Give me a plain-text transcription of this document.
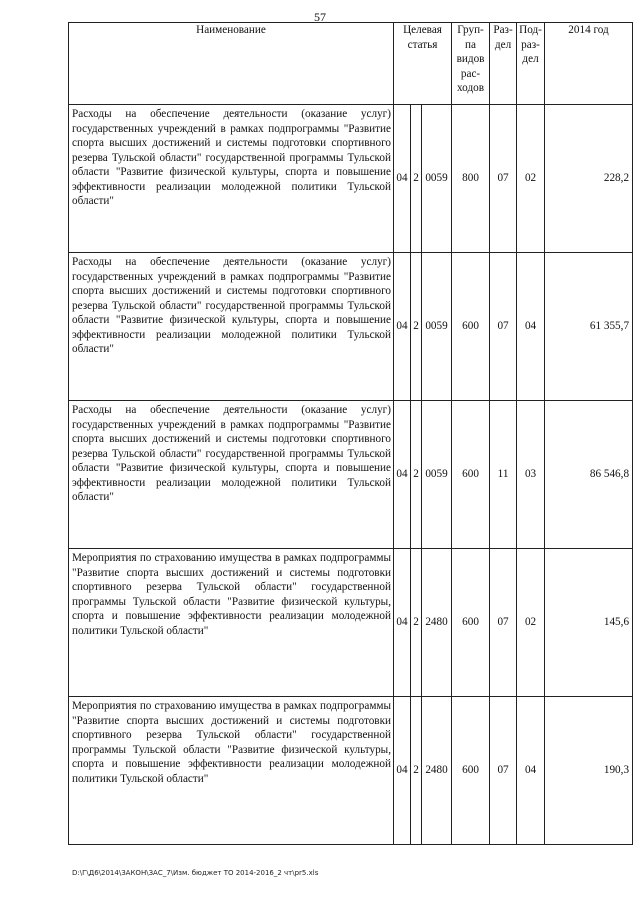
57
Наименование	Целевая статья			Груп-па видов рас-ходов	Раз-дел	Под-раз-дел	2014 год
Расходы на обеспечение деятельности (оказание услуг) государственных учреждений в рамках подпрограммы "Развитие спорта высших достижений и системы подготовки спортивного резерва Тульской области" государственной программы Тульской области "Развитие физической культуры, спорта и повышение эффективности реализации молодежной политики Тульской области"	04	2	0059	800	07	02	228,2
Расходы на обеспечение деятельности (оказание услуг) государственных учреждений в рамках подпрограммы "Развитие спорта высших достижений и системы подготовки спортивного резерва Тульской области" государственной программы Тульской области "Развитие физической культуры, спорта и повышение эффективности реализации молодежной политики Тульской области"	04	2	0059	600	07	04	61 355,7
Расходы на обеспечение деятельности (оказание услуг) государственных учреждений в рамках подпрограммы "Развитие спорта высших достижений и системы подготовки спортивного резерва Тульской области" государственной программы Тульской области "Развитие физической культуры, спорта и повышение эффективности реализации молодежной политики Тульской области"	04	2	0059	600	11	03	86 546,8
Мероприятия по страхованию имущества в рамках подпрограммы "Развитие спорта высших достижений и системы подготовки спортивного резерва Тульской области" государственной программы Тульской области "Развитие физической культуры, спорта и повышение эффективности реализации молодежной политики Тульской области"	04	2	2480	600	07	02	145,6
Мероприятия по страхованию имущества в рамках подпрограммы "Развитие спорта высших достижений и системы подготовки спортивного резерва Тульской области" государственной программы Тульской области "Развитие физической культуры, спорта и повышение эффективности реализации молодежной политики Тульской области"	04	2	2480	600	07	04	190,3
D:\Г\Д6\2014\ЗАКОН\ЗАС_7\Изм. бюджет ТО 2014-2016_2 чт\pr5.xls
